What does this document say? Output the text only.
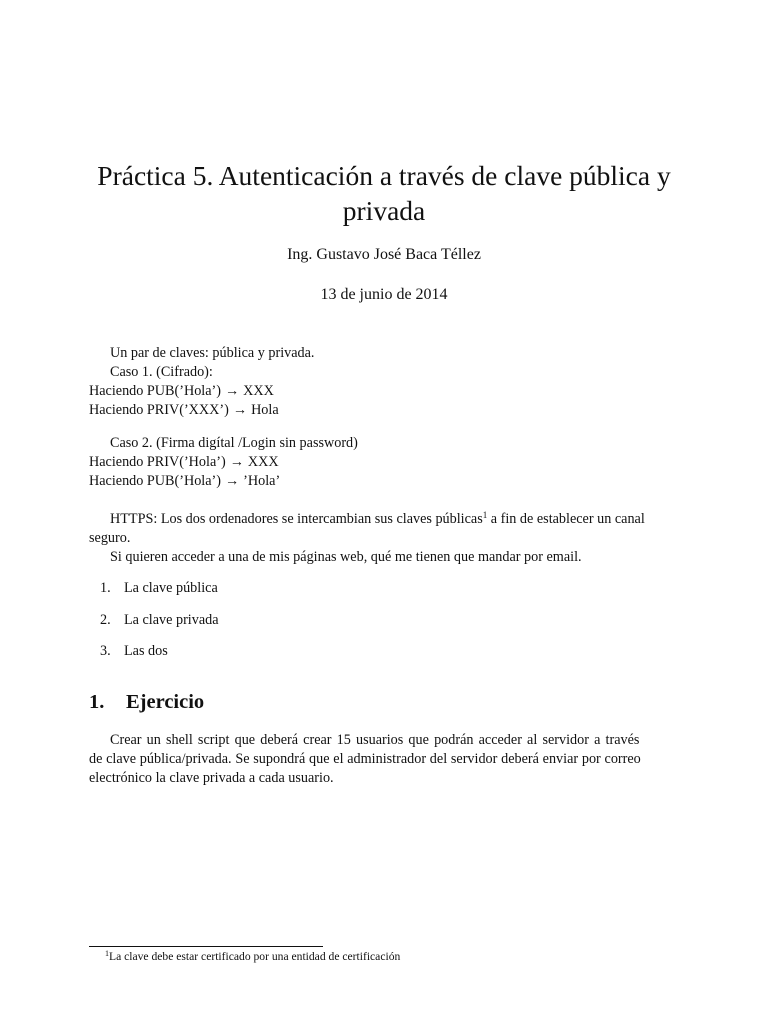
Práctica 5. Autenticación a través de clave pública y
privada
Ing. Gustavo José Baca Téllez
13 de junio de 2014
Un par de claves: pública y privada.
Caso 1. (Cifrado):
Haciendo PUB(’Hola’) → XXX
Haciendo PRIV(’XXX’) → Hola
Caso 2. (Firma digítal /Login sin password)
Haciendo PRIV(’Hola’) → XXX
Haciendo PUB(’Hola’) → ’Hola’
HTTPS: Los dos ordenadores se intercambian sus claves públicas$^1$ a fin de establecer un canal
seguro.
Si quieren acceder a una de mis páginas web, qué me tienen que mandar por email.
1. La clave pública
2. La clave privada
3. Las dos
1. Ejercicio
Crear un shell script que deberá crear 15 usuarios que podrán acceder al servidor a través
de clave pública/privada. Se supondrá que el administrador del servidor deberá enviar por correo
electrónico la clave privada a cada usuario.
$^1$La clave debe estar certificado por una entidad de certificación
